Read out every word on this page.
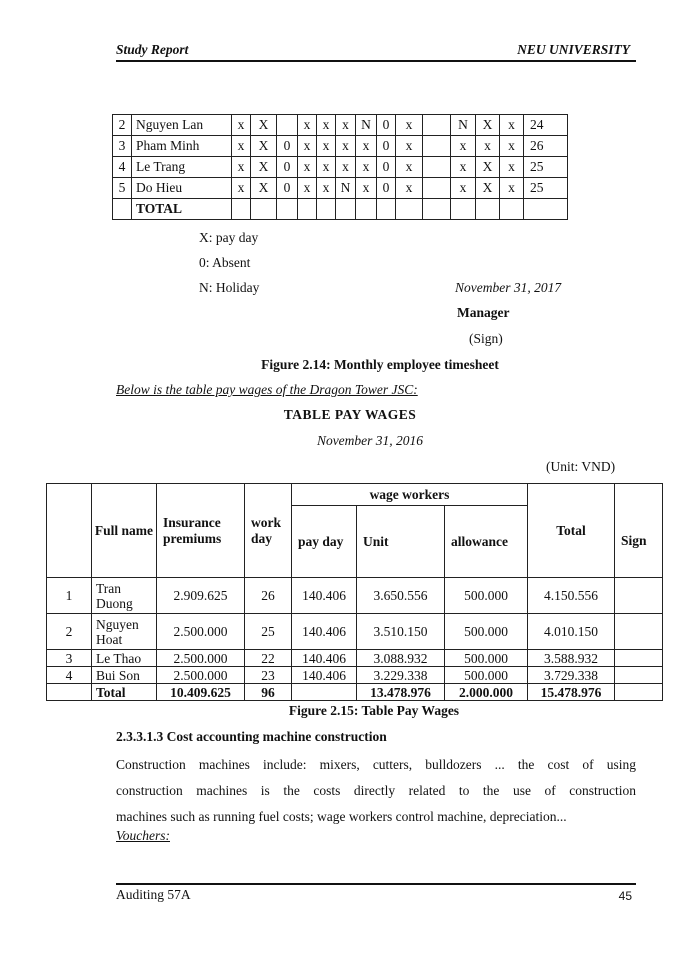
Study Report	NEU UNIVERSITY
2	Nguyen Lan	x	X		x	x	x	N	0	x		N	X	x	24
3	Pham Minh	x	X	0	x	x	x	x	0	x		x	x	x	26
4	Le Trang	x	X	0	x	x	x	x	0	x		x	X	x	25
5	Do Hieu	x	X	0	x	x	N	x	0	x		x	X	x	25
	TOTAL														
X: pay day
0: Absent
N: Holiday	November 31, 2017
Manager
(Sign)
Figure 2.14: Monthly employee timesheet
Below is the table pay wages of the Dragon Tower JSC:
TABLE PAY WAGES
November 31, 2016
(Unit: VND)
	Full name	Insurance premiums	work day	wage workers			Total	
				pay day	Unit	allowance		Sign
1	Tran Duong	2.909.625	26	140.406	3.650.556	500.000	4.150.556	
2	Nguyen Hoat	2.500.000	25	140.406	3.510.150	500.000	4.010.150	
3	Le Thao	2.500.000	22	140.406	3.088.932	500.000	3.588.932	
4	Bui Son	2.500.000	23	140.406	3.229.338	500.000	3.729.338	
	Total	10.409.625	96		13.478.976	2.000.000	15.478.976	
Figure 2.15: Table Pay Wages
2.3.3.1.3 Cost accounting machine construction
Construction machines include: mixers, cutters, bulldozers ... the cost of using
construction machines is the costs directly related to the use of construction
machines such as running fuel costs; wage workers control machine, depreciation...
Vouchers:
Auditing 57A	45
